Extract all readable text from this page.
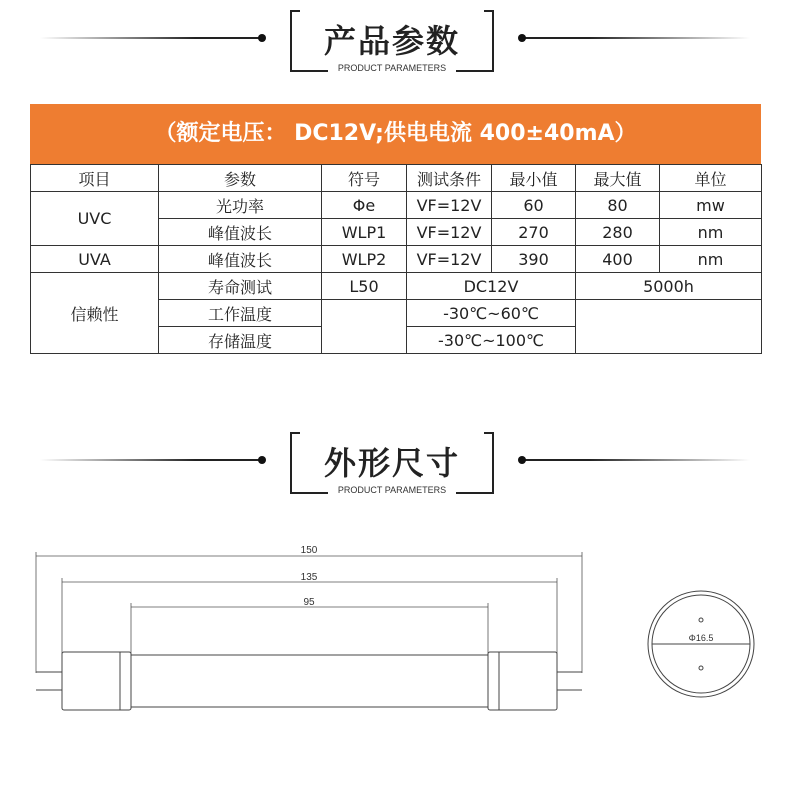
产品参数
PRODUCT PARAMETERS
（额定电压： DC12V;供电电流 400±40mA）
项目	参数	符号	测试条件	最小值	最大值	单位
UVC	光功率	Φe	VF=12V	60	80	mw
	峰值波长	WLP1	VF=12V	270	280	nm
UVA	峰值波长	WLP2	VF=12V	390	400	nm
信赖性	寿命测试	L50	DC12V		5000h	
	工作温度		-30℃~60℃			
	存储温度		-30℃~100℃			
外形尺寸
PRODUCT PARAMETERS
150
135
95
Φ16.5
